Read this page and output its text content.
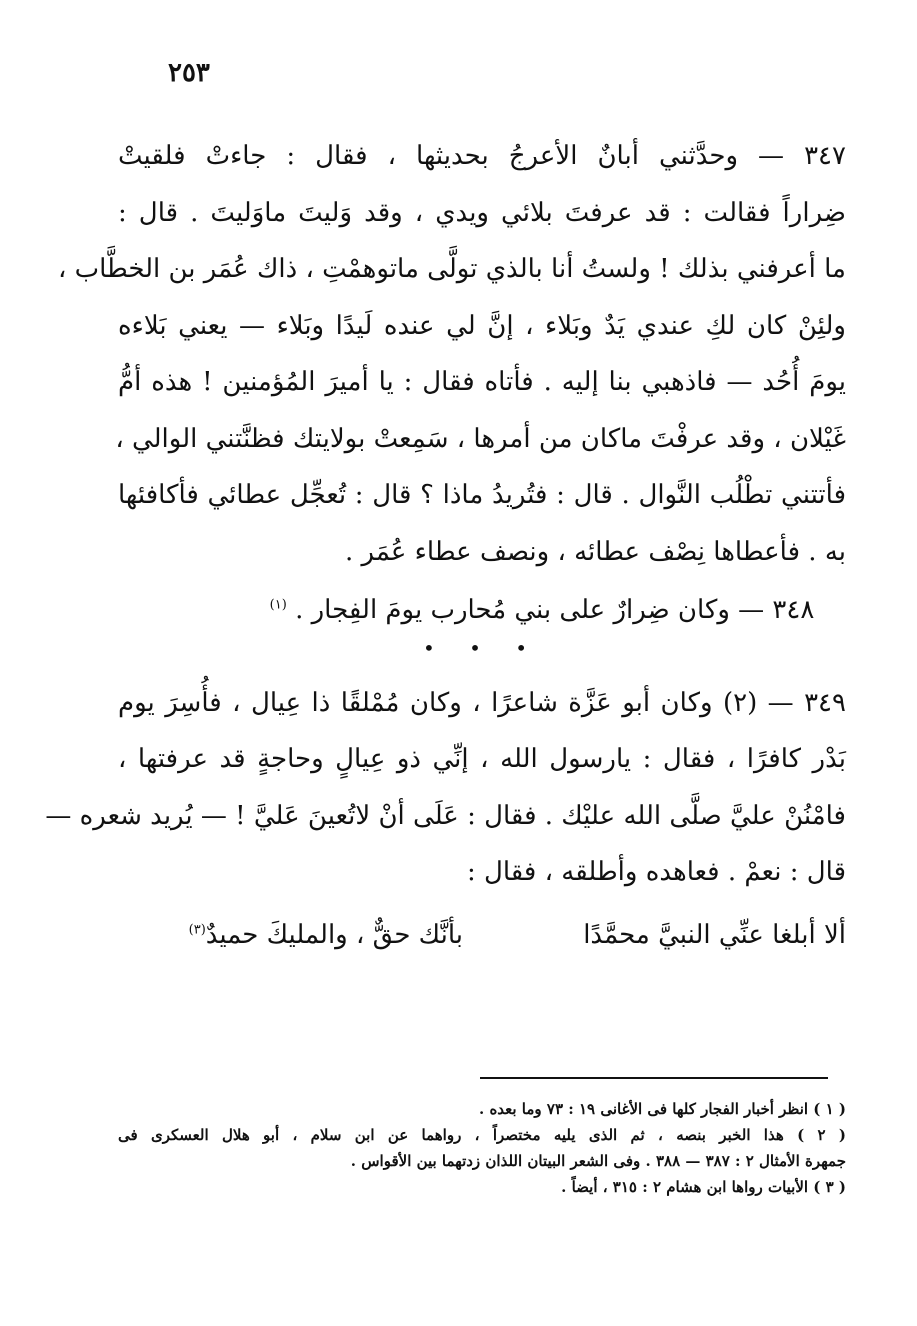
٢٥٣
٣٤٧ — وحدَّثني أبانٌ الأعرجُ بحديثها ، فقال : جاءتْ فلقيتْ
ضِراراً فقالت : قد عرفتَ بلائي ويدي ، وقد وَليتَ ماوَليتَ . قال :
ما أعرفني بذلك ! ولستُ أنا بالذي تولَّى ماتوهمْتِ ، ذاك عُمَر بن الخطَّاب ،
ولئِنْ كان لكِ عندي يَدٌ وبَلاء ، إنَّ لي عنده لَيدًا وبَلاء — يعني بَلاءه
يومَ أُحُد — فاذهبي بنا إليه . فأتاه فقال : يا أميرَ المُؤمنين ! هذه أمُّ
غَيْلان ، وقد عرفْتَ ماكان من أمرها ، سَمِعتْ بولايتك فظنَّتني الوالي ،
فأتتني تطْلُب النَّوال . قال : فتُريدُ ماذا ؟ قال : تُعجِّل عطائي فأكافئها
به . فأعطاها نِصْف عطائه ، ونصف عطاء عُمَر .
٣٤٨ — وكان ضِرارٌ على بني مُحارب يومَ الفِجار . $^{(١)}$
• • •
٣٤٩ — (٢) وكان أبو عَزَّة شاعرًا ، وكان مُمْلقًا ذا عِيال ، فأُسِرَ يوم
بَدْر كافرًا ، فقال : يارسول الله ، إنِّي ذو عِيالٍ وحاجةٍ قد عرفتها ،
فامْنُنْ عليَّ صلَّى الله عليْك . فقال : عَلَى أنْ لاتُعينَ عَليَّ ! — يُريد شعره —
قال : نعمْ . فعاهده وأطلقه ، فقال :
ألا أبلغا عنِّي النبيَّ محمَّدًا
بأنَّك حقٌّ ، والمليكَ حميدٌ$^{(٣)}$
( ١ ) انظر أخبار الفجار كلها فى الأغانى ١٩ : ٧٣ وما بعده .
( ٢ ) هذا الخبر بنصه ، ثم الذى يليه مختصراً ، رواهما عن ابن سلام ، أبو هلال العسكرى فى
جمهرة الأمثال ٢ : ٣٨٧ — ٣٨٨ . وفى الشعر البيتان اللذان زدتهما بين الأقواس .
( ٣ ) الأبيات رواها ابن هشام ٢ : ٣١٥ ، أيضاً .
